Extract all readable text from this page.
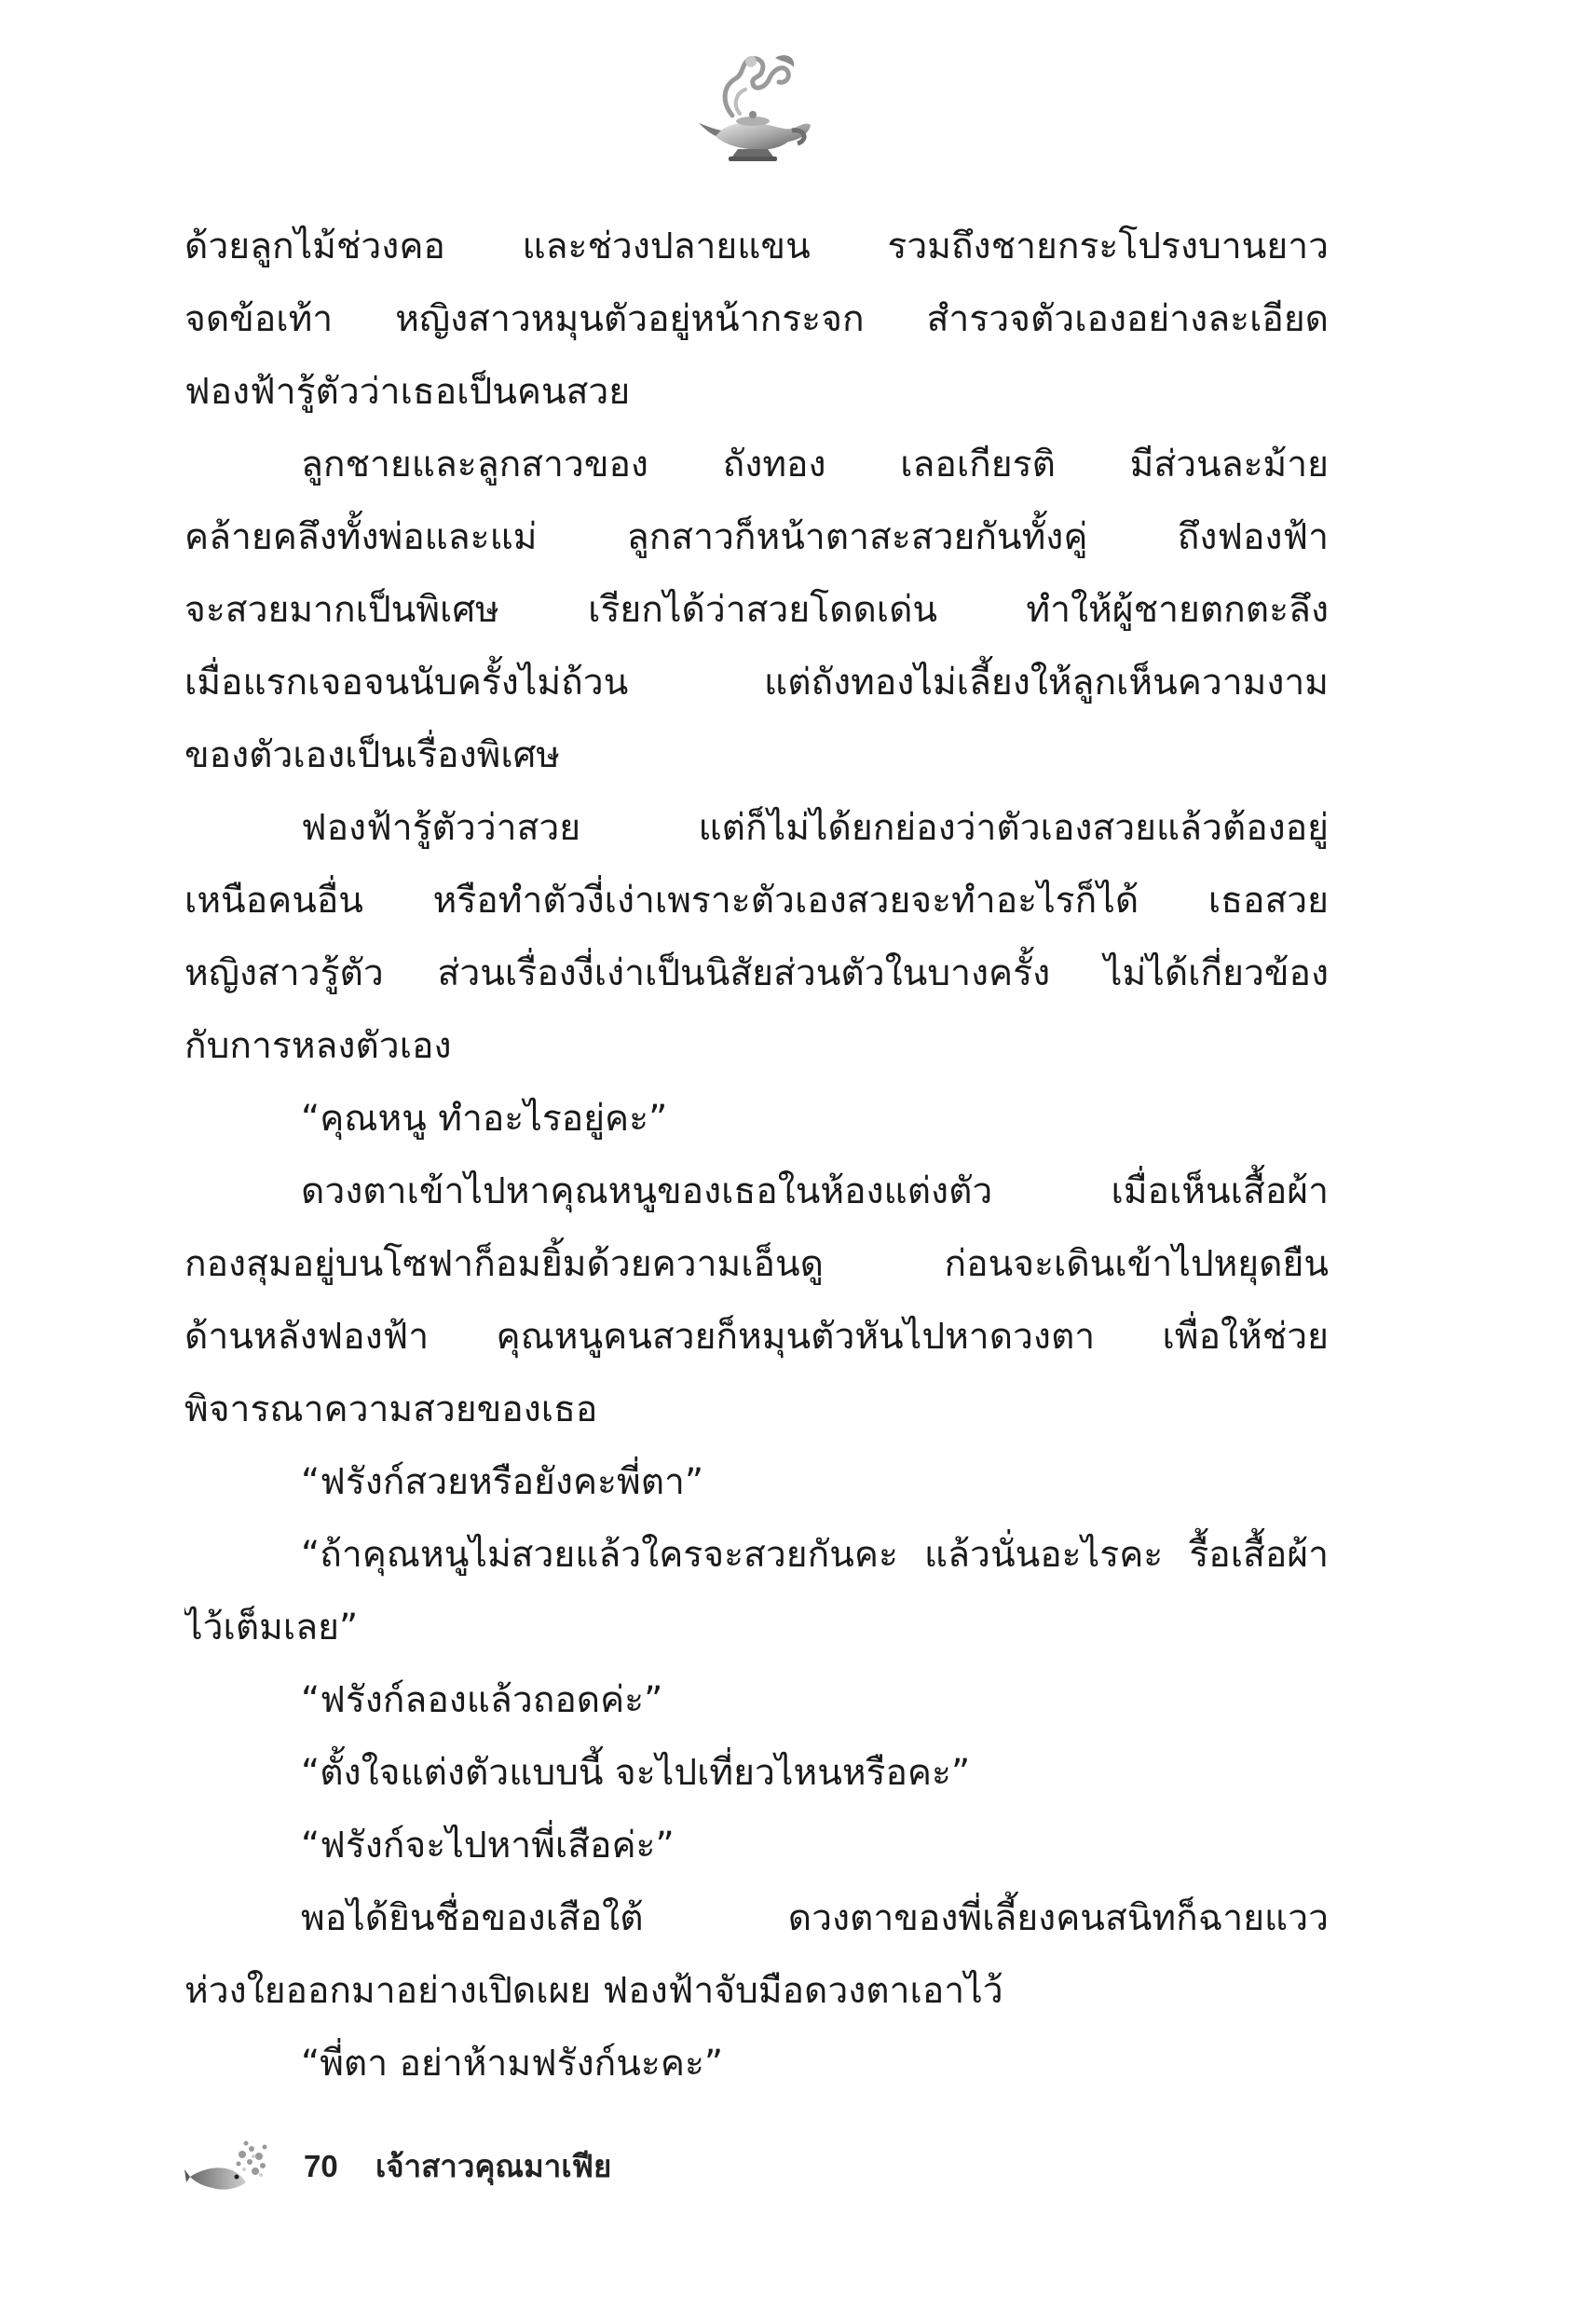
ด้วยลูกไม้ช่วงคอ และช่วงปลายแขน รวมถึงชายกระโปรงบานยาว
จดข้อเท้า หญิงสาวหมุนตัวอยู่หน้ากระจก สำรวจตัวเองอย่างละเอียด
ฟองฟ้ารู้ตัวว่าเธอเป็นคนสวย
ลูกชายและลูกสาวของ ถังทอง เลอเกียรติ มีส่วนละม้าย
คล้ายคลึงทั้งพ่อและแม่ ลูกสาวก็หน้าตาสะสวยกันทั้งคู่ ถึงฟองฟ้า
จะสวยมากเป็นพิเศษ เรียกได้ว่าสวยโดดเด่น ทำให้ผู้ชายตกตะลึง
เมื่อแรกเจอจนนับครั้งไม่ถ้วน แต่ถังทองไม่เลี้ยงให้ลูกเห็นความงาม
ของตัวเองเป็นเรื่องพิเศษ
ฟองฟ้ารู้ตัวว่าสวย แต่ก็ไม่ได้ยกย่องว่าตัวเองสวยแล้วต้องอยู่
เหนือคนอื่น หรือทำตัวงี่เง่าเพราะตัวเองสวยจะทำอะไรก็ได้ เธอสวย
หญิงสาวรู้ตัว ส่วนเรื่องงี่เง่าเป็นนิสัยส่วนตัวในบางครั้ง ไม่ได้เกี่ยวข้อง
กับการหลงตัวเอง
“คุณหนู ทำอะไรอยู่คะ”
ดวงตาเข้าไปหาคุณหนูของเธอในห้องแต่งตัว เมื่อเห็นเสื้อผ้า
กองสุมอยู่บนโซฟาก็อมยิ้มด้วยความเอ็นดู ก่อนจะเดินเข้าไปหยุดยืน
ด้านหลังฟองฟ้า คุณหนูคนสวยก็หมุนตัวหันไปหาดวงตา เพื่อให้ช่วย
พิจารณาความสวยของเธอ
“ฟรังก์สวยหรือยังคะพี่ตา”
“ถ้าคุณหนูไม่สวยแล้วใครจะสวยกันคะ แล้วนั่นอะไรคะ รื้อเสื้อผ้า
ไว้เต็มเลย”
“ฟรังก์ลองแล้วถอดค่ะ”
“ตั้งใจแต่งตัวแบบนี้ จะไปเที่ยวไหนหรือคะ”
“ฟรังก์จะไปหาพี่เสือค่ะ”
พอได้ยินชื่อของเสือใต้ ดวงตาของพี่เลี้ยงคนสนิทก็ฉายแวว
ห่วงใยออกมาอย่างเปิดเผย ฟองฟ้าจับมือดวงตาเอาไว้
“พี่ตา อย่าห้ามฟรังก์นะคะ”
70 เจ้าสาวคุณมาเฟีย
